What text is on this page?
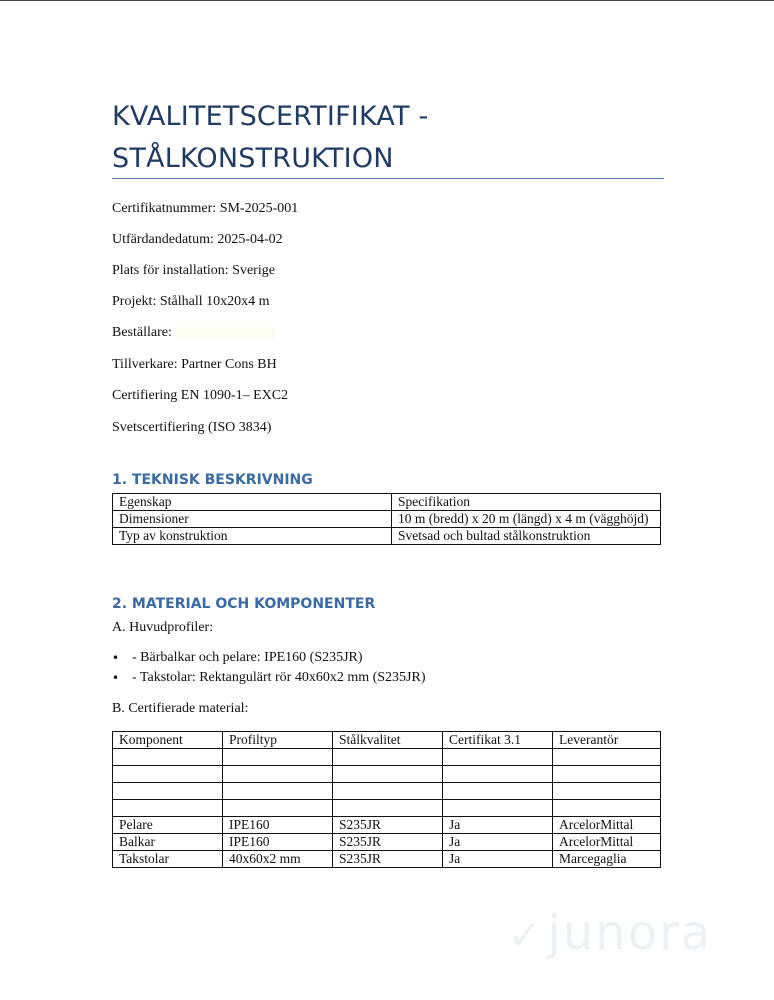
KVALITETSCERTIFIKAT -
STÅLKONSTRUKTION
Certifikatnummer: SM-2025-001
Utfärdandedatum: 2025-04-02
Plats för installation: Sverige
Projekt: Stålhall 10x20x4 m
Beställare:
Tillverkare: Partner Cons BH
Certifiering EN 1090-1– EXC2
Svetscertifiering (ISO 3834)
1. TEKNISK BESKRIVNING
Egenskap	Specifikation
Dimensioner	10 m (bredd) x 20 m (längd) x 4 m (vägghöjd)
Typ av konstruktion	Svetsad och bultad stålkonstruktion
2. MATERIAL OCH KOMPONENTER
A. Huvudprofiler:
• - Bärbalkar och pelare: IPE160 (S235JR)
• - Takstolar: Rektangulärt rör 40x60x2 mm (S235JR)
B. Certifierade material:
Komponent	Profiltyp	Stålkvalitet	Certifikat 3.1	Leverantör

Pelare	IPE160	S235JR	Ja	ArcelorMittal
Balkar	IPE160	S235JR	Ja	ArcelorMittal
Takstolar	40x60x2 mm	S235JR	Ja	Marcegaglia
✓junora
